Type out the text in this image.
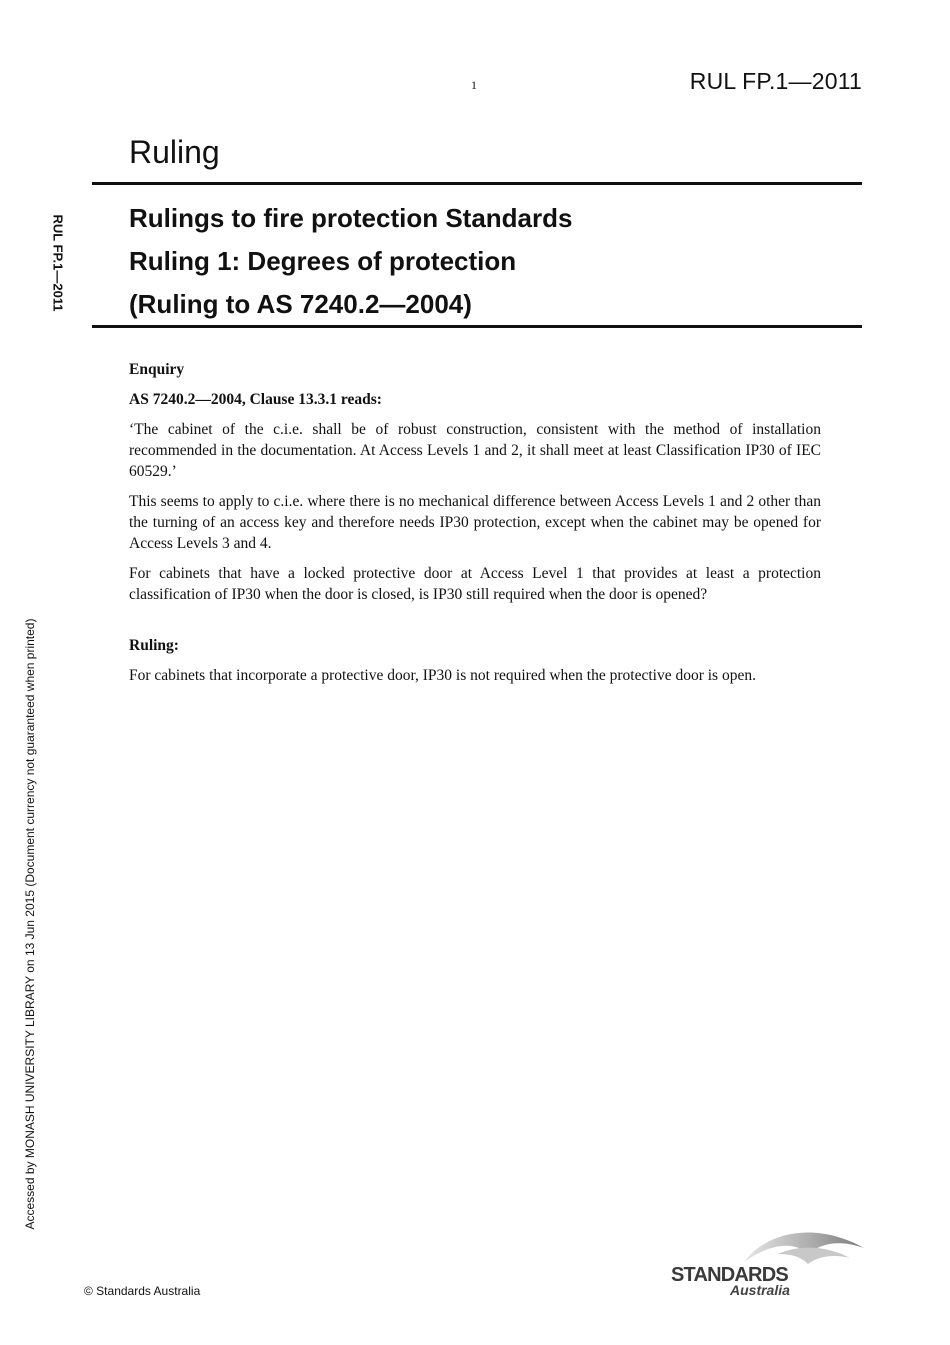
1	RUL FP.1—2011
Ruling
Rulings to fire protection Standards
Ruling 1: Degrees of protection
(Ruling to AS 7240.2—2004)
RUL FP.1—2011
Accessed by MONASH UNIVERSITY LIBRARY on 13 Jun 2015 (Document currency not guaranteed when printed)

Enquiry

AS 7240.2—2004, Clause 13.3.1 reads:

‘The cabinet of the c.i.e. shall be of robust construction, consistent with the method of installation recommended in the documentation. At Access Levels 1 and 2, it shall meet at least Classification IP30 of IEC 60529.’

This seems to apply to c.i.e. where there is no mechanical difference between Access Levels 1 and 2 other than the turning of an access key and therefore needs IP30 protection, except when the cabinet may be opened for Access Levels 3 and 4.

For cabinets that have a locked protective door at Access Level 1 that provides at least a protection classification of IP30 when the door is closed, is IP30 still required when the door is opened?

Ruling:

For cabinets that incorporate a protective door, IP30 is not required when the protective door is open.

© Standards Australia
STANDARDS
Australia
